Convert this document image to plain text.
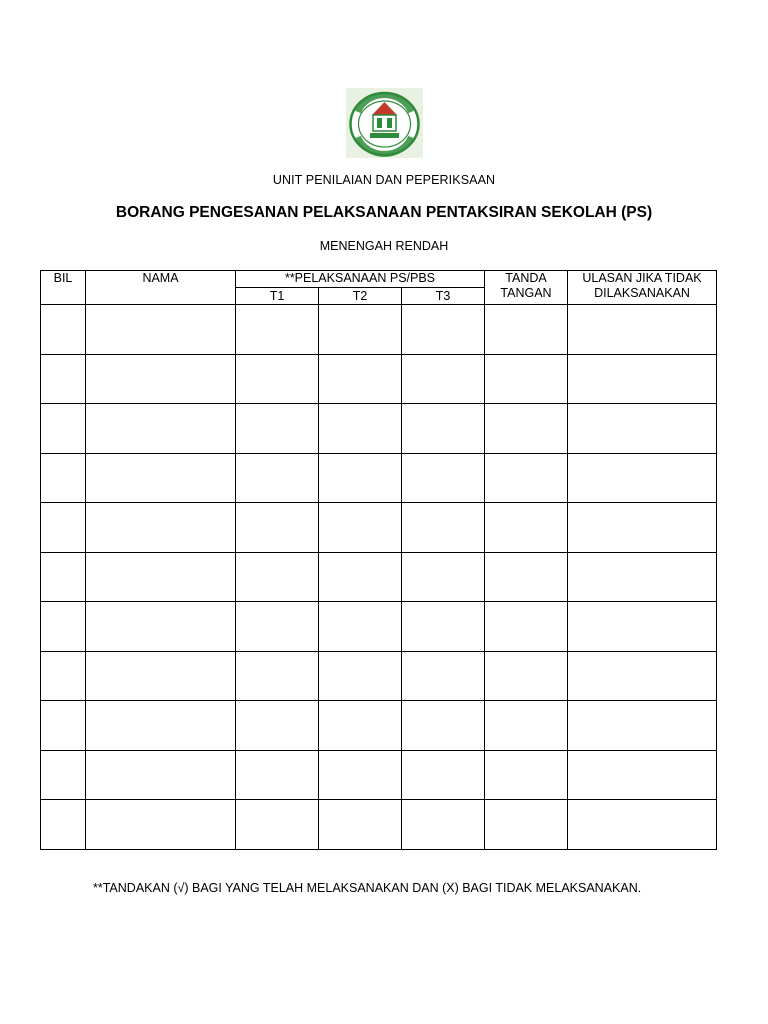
UNIT PENILAIAN DAN PEPERIKSAAN
BORANG PENGESANAN PELAKSANAAN PENTAKSIRAN SEKOLAH (PS)
MENENGAH RENDAH
BIL	NAMA	**PELAKSANAAN PS/PBS			TANDA TANGAN	ULASAN JIKA TIDAK DILAKSANAKAN
		T1	T2	T3		

**TANDAKAN (√) BAGI YANG TELAH MELAKSANAKAN DAN (X) BAGI TIDAK MELAKSANAKAN.
